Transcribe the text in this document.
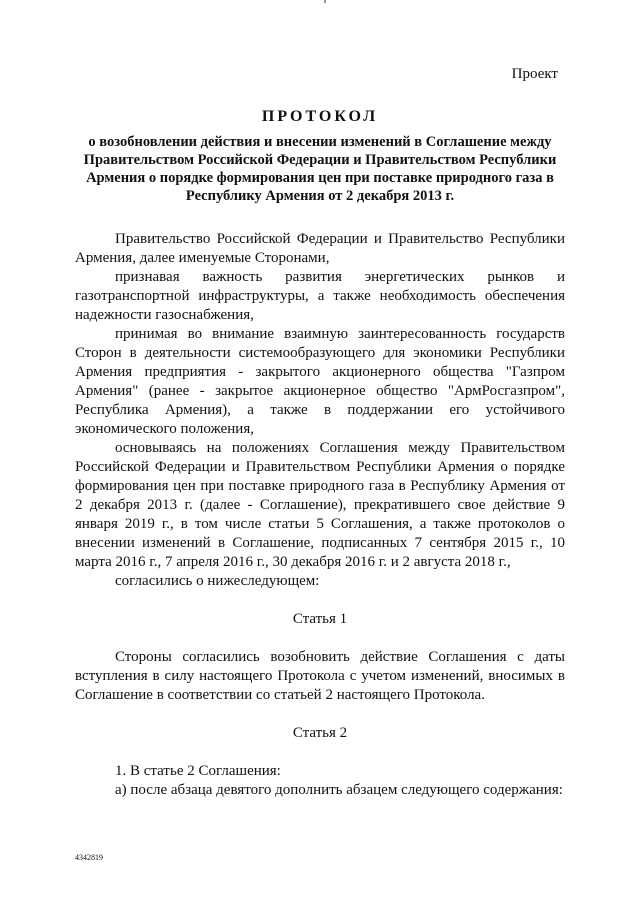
Проект
ПРОТОКОЛ
о возобновлении действия и внесении изменений в Соглашение между Правительством Российской Федерации и Правительством Республики Армения о порядке формирования цен при поставке природного газа в Республику Армения от 2 декабря 2013 г.

Правительство Российской Федерации и Правительство Республики Армения, далее именуемые Сторонами,

признавая важность развития энергетических рынков и газотранспортной инфраструктуры, а также необходимость обеспечения надежности газоснабжения,

принимая во внимание взаимную заинтересованность государств Сторон в деятельности системообразующего для экономики Республики Армения предприятия - закрытого акционерного общества "Газпром Армения" (ранее - закрытое акционерное общество "АрмРосгазпром", Республика Армения), а также в поддержании его устойчивого экономического положения,

основываясь на положениях Соглашения между Правительством Российской Федерации и Правительством Республики Армения о порядке формирования цен при поставке природного газа в Республику Армения от 2 декабря 2013 г. (далее - Соглашение), прекратившего свое действие 9 января 2019 г., в том числе статьи 5 Соглашения, а также протоколов о внесении изменений в Соглашение, подписанных 7 сентября 2015 г., 10 марта 2016 г., 7 апреля 2016 г., 30 декабря 2016 г. и 2 августа 2018 г.,

согласились о нижеследующем:

Статья 1

Стороны согласились возобновить действие Соглашения с даты вступления в силу настоящего Протокола с учетом изменений, вносимых в Соглашение в соответствии со статьей 2 настоящего Протокола.

Статья 2

1. В статье 2 Соглашения:

а) после абзаца девятого дополнить абзацем следующего содержания:

4342819
